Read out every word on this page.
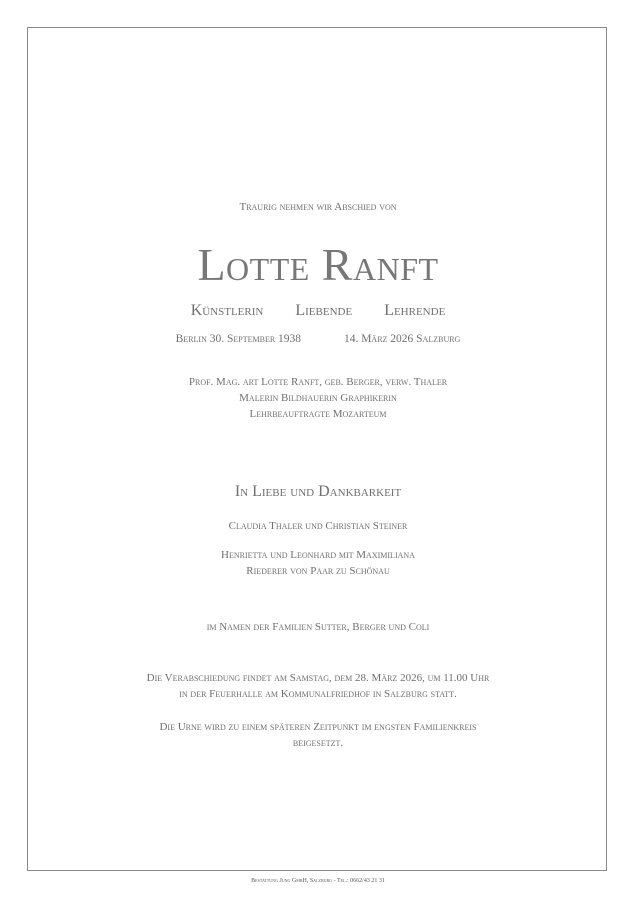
Traurig nehmen wir Abschied von
Lotte Ranft
Künstlerin Liebende Lehrende
Berlin 30. September 1938	14. März 2026 Salzburg
Prof. Mag. art Lotte Ranft, geb. Berger, verw. Thaler
Malerin Bildhauerin Graphikerin
Lehrbeauftragte Mozarteum
In Liebe und Dankbarkeit
Claudia Thaler und Christian Steiner
Henrietta und Leonhard mit Maximiliana
Riederer von Paar zu Schönau
im Namen der Familien Sutter, Berger und Coli
Die Verabschiedung findet am Samstag, dem 28. März 2026, um 11.00 Uhr
in der Feuerhalle am Kommunalfriedhof in Salzburg statt.
Die Urne wird zu einem späteren Zeitpunkt im engsten Familienkreis
beigesetzt.
Bestattung Jung GmbH, Salzburg - Tel.: 0662/43 21 31
